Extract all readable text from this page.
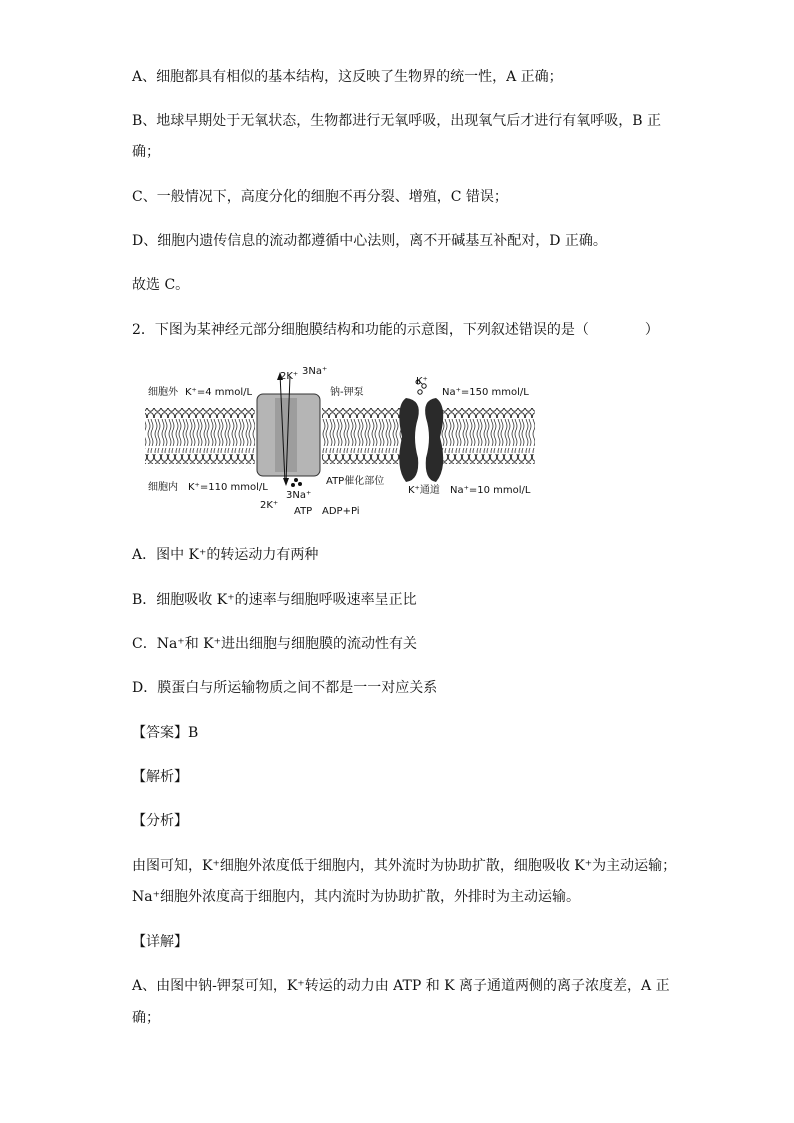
A、细胞都具有相似的基本结构，这反映了生物界的统一性，A 正确；
B、地球早期处于无氧状态，生物都进行无氧呼吸，出现氧气后才进行有氧呼吸，B 正
确；
C、一般情况下，高度分化的细胞不再分裂、增殖，C 错误；
D、细胞内遗传信息的流动都遵循中心法则，离不开碱基互补配对，D 正确。
故选 C。
2．下图为某神经元部分细胞膜结构和功能的示意图，下列叙述错误的是（　　　　）
细胞外 K⁺=4 mmol/L
细胞内 K⁺=110 mmol/L
钠-钾泵	Na⁺=150 mmol/L
Na⁺=10 mmol/L
K⁺
K⁺通道
ATP催化部位
ATP ADP+Pi
2K⁺ 3Na⁺
3Na⁺
2K⁺
A．图中 K⁺的转运动力有两种
B．细胞吸收 K⁺的速率与细胞呼吸速率呈正比
C．Na⁺和 K⁺进出细胞与细胞膜的流动性有关
D．膜蛋白与所运输物质之间不都是一一对应关系
【答案】B
【解析】
【分析】
由图可知，K⁺细胞外浓度低于细胞内，其外流时为协助扩散，细胞吸收 K⁺为主动运输；
Na⁺细胞外浓度高于细胞内，其内流时为协助扩散，外排时为主动运输。
【详解】
A、由图中钠-钾泵可知，K⁺转运的动力由 ATP 和 K 离子通道两侧的离子浓度差，A 正
确；
